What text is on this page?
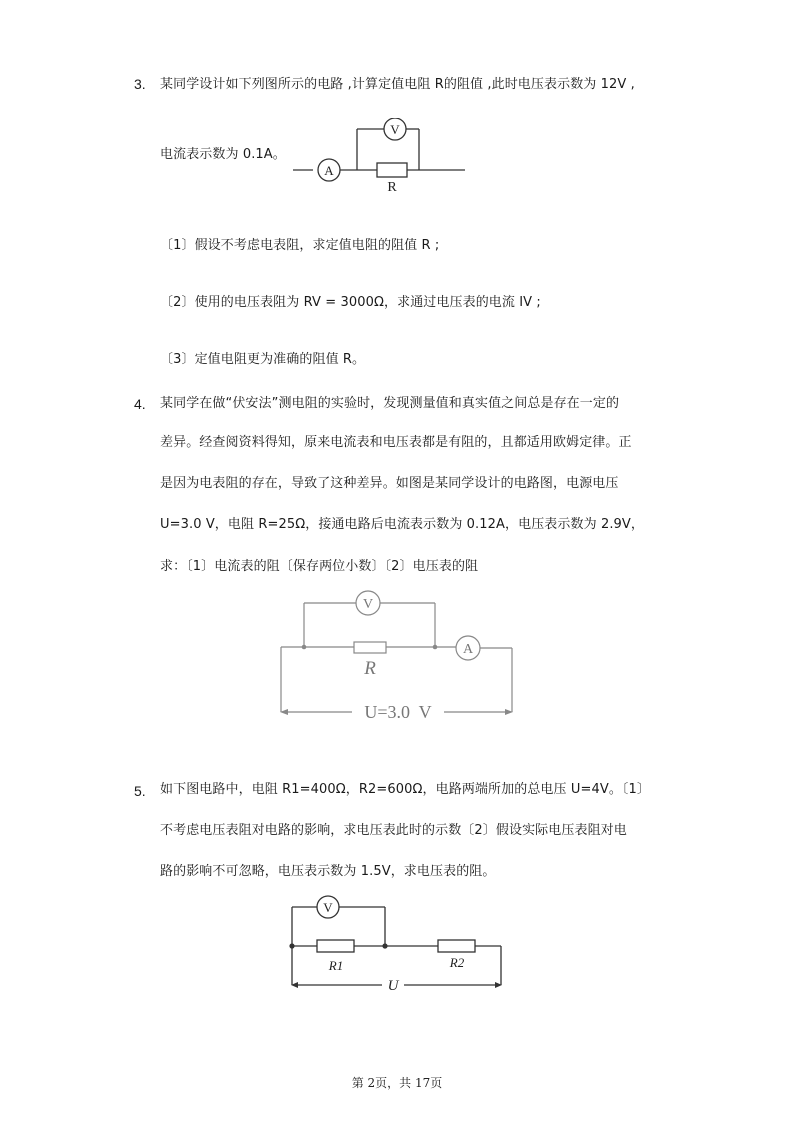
3. 某同学设计如下列图所示的电路 ,计算定值电阻 R的阻值 ,此时电压表示数为 12V ,
A
V
R
电流表示数为 0.1A。
〔1〕假设不考虑电表阻，求定值电阻的阻值 R ;
〔2〕使用的电压表阻为 RV = 3000Ω，求通过电压表的电流 IV ;
〔3〕定值电阻更为准确的阻值 R。
4. 某同学在做“伏安法”测电阻的实验时，发现测量值和真实值之间总是存在一定的
差异。经查阅资料得知，原来电流表和电压表都是有阻的，且都适用欧姆定律。正
是因为电表阻的存在，导致了这种差异。如图是某同学设计的电路图，电源电压
U=3.0 V，电阻 R=25Ω，接通电路后电流表示数为 0.12A，电压表示数为 2.9V，
求：〔1〕电流表的阻〔保存两位小数〕〔2〕电压表的阻
V
A
R
U=3.0  V
5. 如下图电路中，电阻 R1=400Ω，R2=600Ω，电路两端所加的总电压 U=4V。〔1〕
不考虑电压表阻对电路的影响，求电压表此时的示数〔2〕假设实际电压表阻对电
路的影响不可忽略，电压表示数为 1.5V，求电压表的阻。
V
R1	R2
U
第 2页，共 17页
